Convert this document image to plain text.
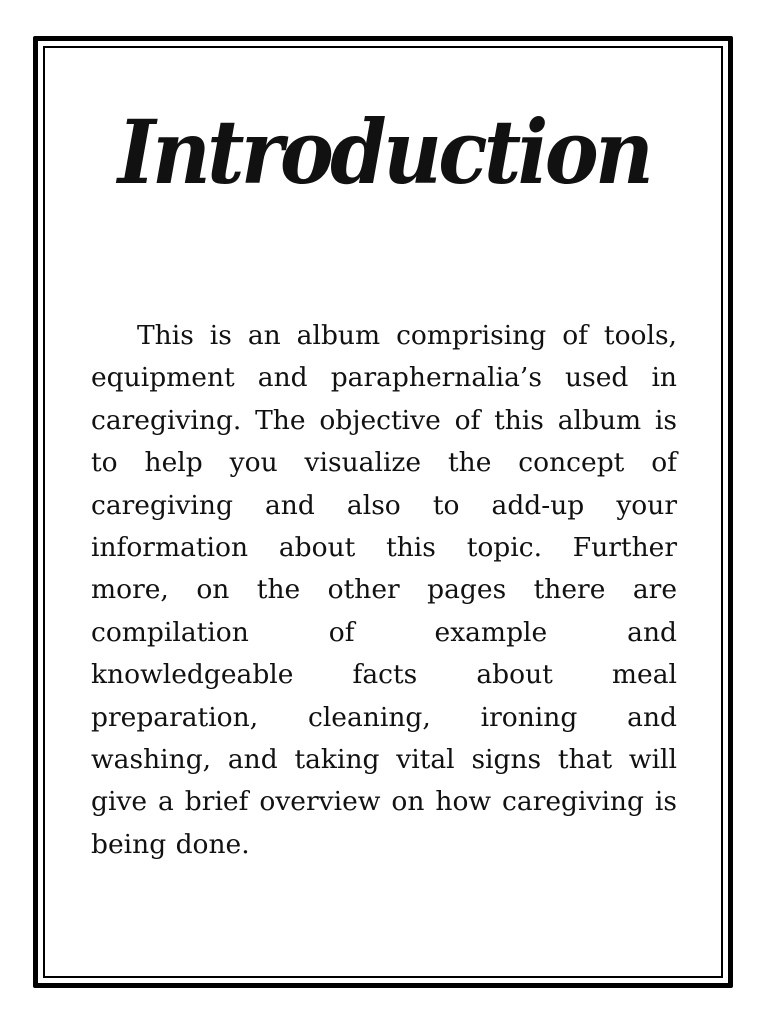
Introduction

This is an album comprising of tools, equipment and paraphernalia’s used in caregiving. The objective of this album is to help you visualize the concept of caregiving and also to add-up your information about this topic. Further more, on the other pages there are compilation of example and knowledgeable facts about meal preparation, cleaning, ironing and washing, and taking vital signs that will give a brief overview on how caregiving is being done.
